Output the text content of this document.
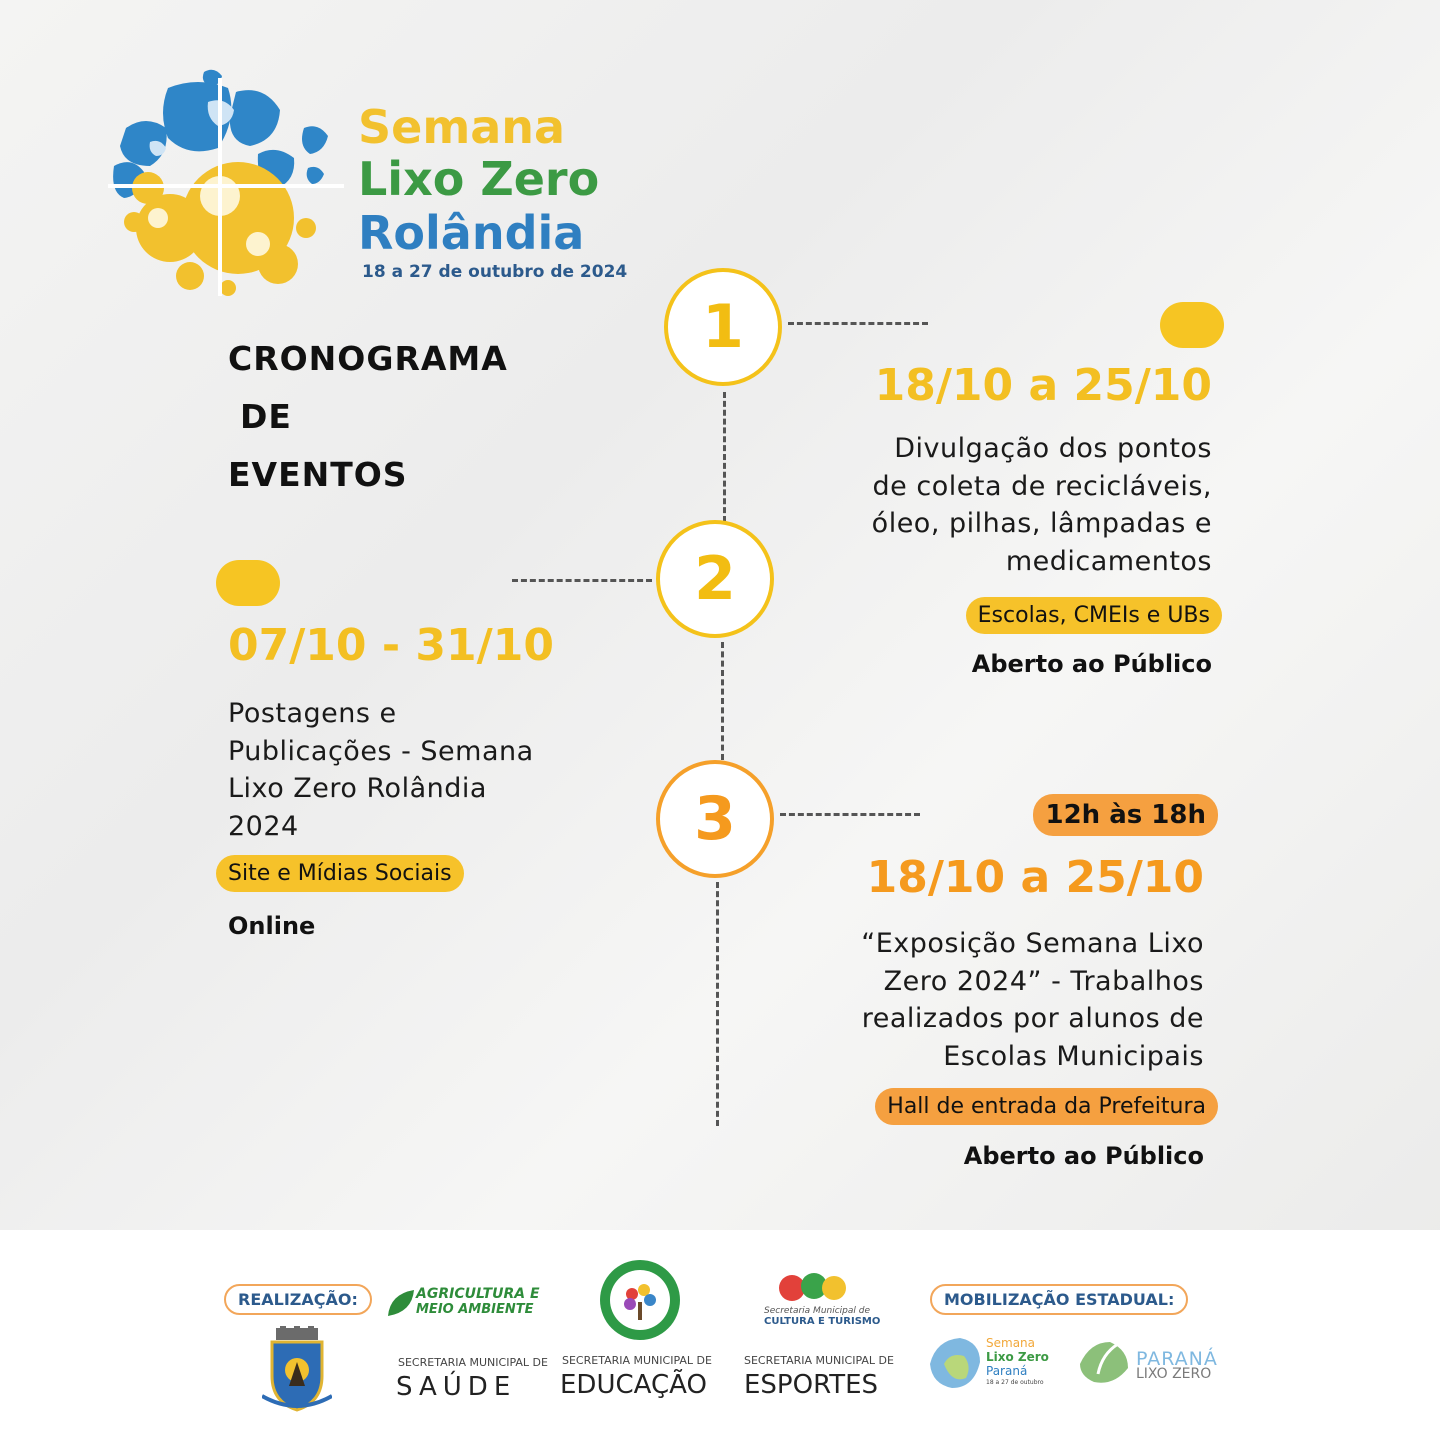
Semana
Lixo Zero
Rolândia
18 a 27 de outubro de 2024
CRONOGRAMA
DE
EVENTOS
1
18/10 a 25/10
Divulgação dos pontos
de coleta de recicláveis,
óleo, pilhas, lâmpadas e
medicamentos
Escolas, CMEIs e UBs
Aberto ao Público
2
07/10 - 31/10
Postagens e
Publicações - Semana
Lixo Zero Rolândia
2024
Site e Mídias Sociais
Online
3	12h às 18h
18/10 a 25/10
“Exposição Semana Lixo
Zero 2024” - Trabalhos
realizados por alunos de
Escolas Municipais
Hall de entrada da Prefeitura
Aberto ao Público
REALIZAÇÃO:	MOBILIZAÇÃO ESTADUAL:
AGRICULTURA E
MEIO AMBIENTE	Secretaria Municipal de
CULTURA E TURISMO
SECRETARIA MUNICIPAL DE
SAÚDE
SECRETARIA MUNICIPAL DE
EDUCAÇÃO
SECRETARIA MUNICIPAL DE
ESPORTES
Semana
Lixo Zero
Paraná
18 a 27 de outubro
PARANÁ
LIXO ZERO
